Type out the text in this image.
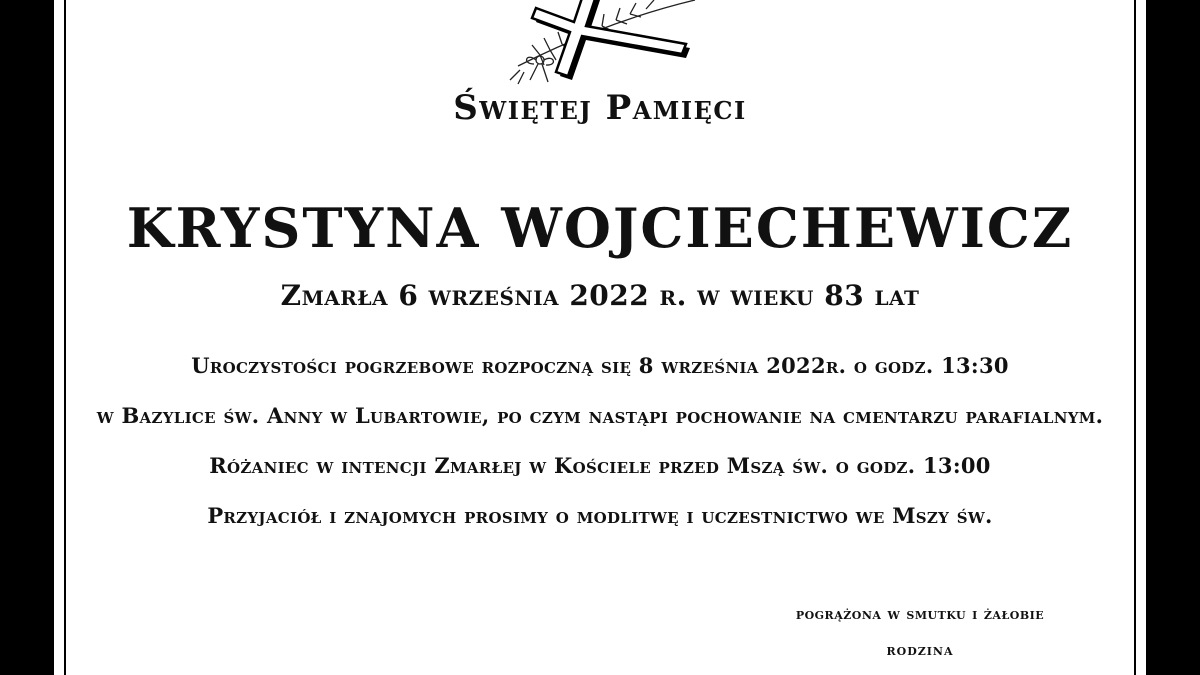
Świętej Pamięci
KRYSTYNA WOJCIECHEWICZ
Zmarła 6 września 2022 r. w wieku 83 lat
Uroczystości pogrzebowe rozpoczną się 8 września 2022r. o godz. 13:30
w Bazylice św. Anny w Lubartowie, po czym nastąpi pochowanie na cmentarzu parafialnym.
Różaniec w intencji Zmarłej w Kościele przed Mszą św. o godz. 13:00
Przyjaciół i znajomych prosimy o modlitwę i uczestnictwo we Mszy św.
pogrążona w smutku i żałobie
rodzina
